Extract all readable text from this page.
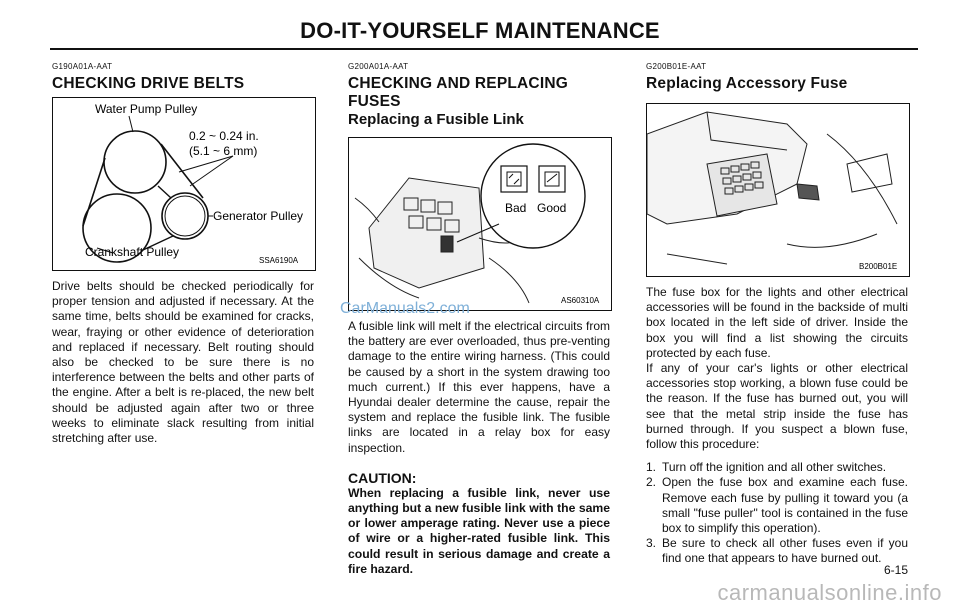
DO-IT-YOURSELF MAINTENANCE
G190A01A-AAT
CHECKING DRIVE BELTS
Water Pump Pulley
0.2 ~ 0.24 in.
(5.1 ~ 6 mm)
Generator Pulley
Crankshaft Pulley
SSA6190A
Drive belts should be checked periodically for proper tension and adjusted if necessary. At the same time, belts should be examined for cracks, wear, fraying or other evidence of deterioration and replaced if necessary. Belt routing should also be checked to be sure there is no interference between the belts and other parts of the engine. After a belt is re-placed, the new belt should be adjusted again after two or three weeks to eliminate slack resulting from initial stretching after use.
G200A01A-AAT
CHECKING AND REPLACING FUSES
Replacing a Fusible Link
Bad Good
AS60310A
A fusible link will melt if the electrical circuits from the battery are ever overloaded, thus pre-venting damage to the entire wiring harness. (This could be caused by a short in the system drawing too much current.) If this ever happens, have a Hyundai dealer determine the cause, repair the system and replace the fusible link. The fusible links are located in a relay box for easy inspection.
CAUTION:
When replacing a fusible link, never use anything but a new fusible link with the same or lower amperage rating. Never use a piece of wire or a higher-rated fusible link. This could result in serious damage and create a fire hazard.
G200B01E-AAT
Replacing Accessory Fuse
B200B01E
The fuse box for the lights and other electrical accessories will be found in the backside of multi box located in the left side of driver. Inside the box you will find a list showing the circuits protected by each fuse.
If any of your car's lights or other electrical accessories stop working, a blown fuse could be the reason. If the fuse has burned out, you will see that the metal strip inside the fuse has burned through. If you suspect a blown fuse, follow this procedure:
1. Turn off the ignition and all other switches.
2. Open the fuse box and examine each fuse. Remove each fuse by pulling it toward you (a small "fuse puller" tool is contained in the fuse box to simplify this operation).
3. Be sure to check all other fuses even if you find one that appears to have burned out.
6-15
CarManuals2.com
carmanualsonline.info
